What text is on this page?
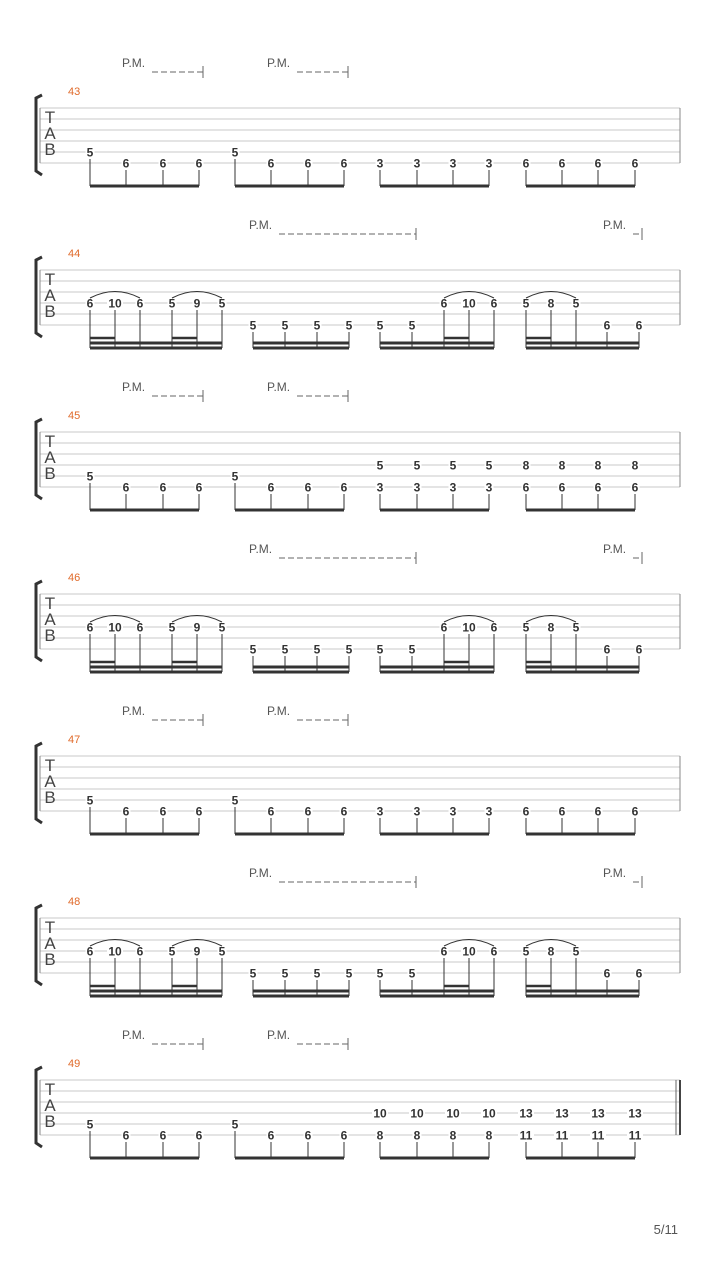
T
A
B
43
P.M.	P.M.
5
6	6 6
5
6	6 6 3	3 3 3	6 6 6	6
T
A
B
44
P.M.	P.M.
6 10 6 5 9 5
5 5 5 5 5 5
6 10 6 5 8 5
6 6
T
A
B
45
P.M.	P.M.
5
6	6 6
5
6	6 6
5
3
5
3
5
3
5
3
8
6
8
6
8
6
8
6
T
A
B
46
P.M.	P.M.
6 10 6 5 9 5
5 5 5 5 5 5
6 10 6 5 8 5
6 6
T
A
B
47
P.M.	P.M.
5
6	6 6
5
6	6 6 3	3 3 3	6 6 6	6
T
A
B
48
P.M.	P.M.
6 10 6 5 9 5
5 5 5 5 5 5
6 10 6 5 8 5
6 6
T
A
B
49
P.M.	P.M.
5
6	6 6
5
6	6 6
10
8
10
8
10
8
10
8
13
11
13
11
13
11
13
11
5/11
